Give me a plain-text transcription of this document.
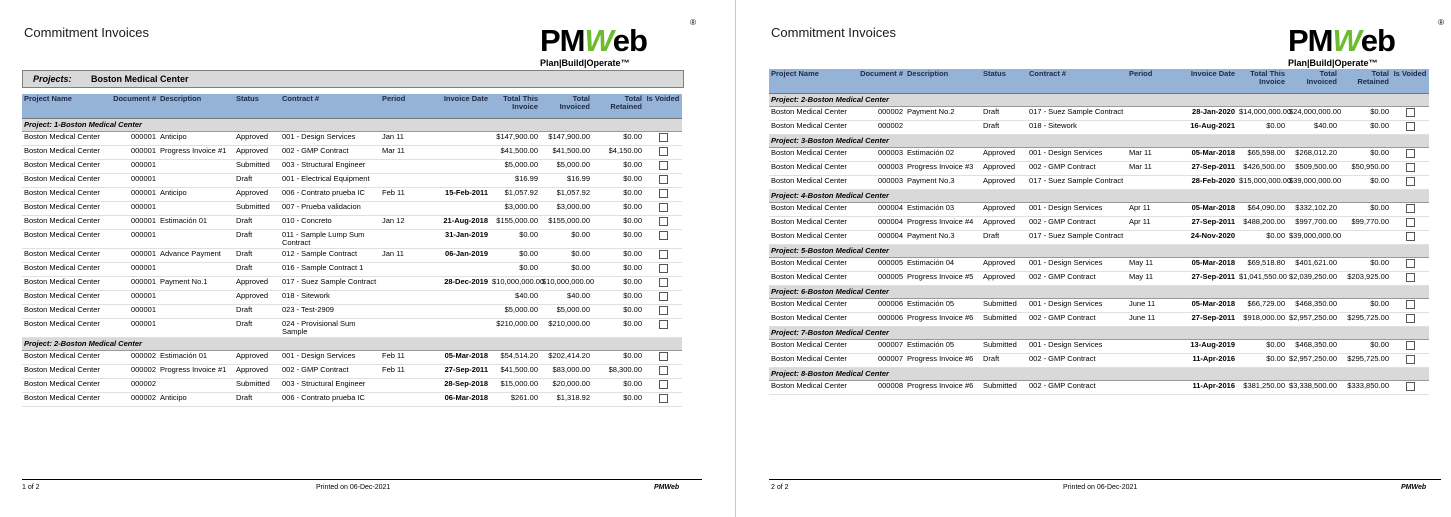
Commitment Invoices	PMWeb
Plan|Build|Operate™
®
Projects: Boston Medical Center
Project Name	Document #	Description	Status	Contract #	Period	Invoice Date	Total This Invoice	Total Invoiced	Total Retained	Is Voided
Project: 1-Boston Medical Center										
Boston Medical Center	000001	Anticipo	Approved	001 - Design Services	Jan 11		$147,900.00	$147,900.00	$0.00	
Boston Medical Center	000001	Progress Invoice #1	Approved	002 - GMP Contract	Mar 11		$41,500.00	$41,500.00	$4,150.00	
Boston Medical Center	000001		Submitted	003 - Structural Engineer			$5,000.00	$5,000.00	$0.00	
Boston Medical Center	000001		Draft	001 - Electrical Equipment			$16.99	$16.99	$0.00	
Boston Medical Center	000001	Anticipo	Approved	006 - Contrato prueba IC	Feb 11	15-Feb-2011	$1,057.92	$1,057.92	$0.00	
Boston Medical Center	000001		Submitted	007 - Prueba validacion			$3,000.00	$3,000.00	$0.00	
Boston Medical Center	000001	Estimación 01	Draft	010 - Concreto	Jan 12	21-Aug-2018	$155,000.00	$155,000.00	$0.00	
Boston Medical Center	000001		Draft	011 - Sample Lump Sum Contract		31-Jan-2019	$0.00	$0.00	$0.00	
Boston Medical Center	000001	Advance Payment	Draft	012 - Sample Contract	Jan 11	06-Jan-2019	$0.00	$0.00	$0.00	
Boston Medical Center	000001		Draft	016 - Sample Contract 1			$0.00	$0.00	$0.00	
Boston Medical Center	000001	Payment No.1	Approved	017 - Suez Sample Contract		28-Dec-2019	$10,000,000.00	$10,000,000.00	$0.00	
Boston Medical Center	000001		Approved	018 - Sitework			$40.00	$40.00	$0.00	
Boston Medical Center	000001		Draft	023 - Test-2909			$5,000.00	$5,000.00	$0.00	
Boston Medical Center	000001		Draft	024 - Provisional Sum Sample			$210,000.00	$210,000.00	$0.00	
Project: 2-Boston Medical Center										
Boston Medical Center	000002	Estimación 01	Approved	001 - Design Services	Feb 11	05-Mar-2018	$54,514.20	$202,414.20	$0.00	
Boston Medical Center	000002	Progress Invoice #1	Approved	002 - GMP Contract	Feb 11	27-Sep-2011	$41,500.00	$83,000.00	$8,300.00	
Boston Medical Center	000002		Submitted	003 - Structural Engineer		28-Sep-2018	$15,000.00	$20,000.00	$0.00	
Boston Medical Center	000002	Anticipo	Draft	006 - Contrato prueba IC		06-Mar-2018	$261.00	$1,318.92	$0.00	
1 of 2	Printed on 06-Dec-2021	PMWeb
Commitment Invoices	PMWeb
Plan|Build|Operate™
®
Project Name	Document #	Description	Status	Contract #	Period	Invoice Date	Total This Invoice	Total Invoiced	Total Retained	Is Voided
Project: 2-Boston Medical Center										
Boston Medical Center	000002	Payment No.2	Draft	017 - Suez Sample Contract		28-Jan-2020	$14,000,000.00	$24,000,000.00	$0.00	
Boston Medical Center	000002		Draft	018 - Sitework		16-Aug-2021	$0.00	$40.00	$0.00	
Project: 3-Boston Medical Center										
Boston Medical Center	000003	Estimación 02	Approved	001 - Design Services	Mar 11	05-Mar-2018	$65,598.00	$268,012.20	$0.00	
Boston Medical Center	000003	Progress Invoice #3	Approved	002 - GMP Contract	Mar 11	27-Sep-2011	$426,500.00	$509,500.00	$50,950.00	
Boston Medical Center	000003	Payment No.3	Approved	017 - Suez Sample Contract		28-Feb-2020	$15,000,000.00	$39,000,000.00	$0.00	
Project: 4-Boston Medical Center										
Boston Medical Center	000004	Estimación 03	Approved	001 - Design Services	Apr 11	05-Mar-2018	$64,090.00	$332,102.20	$0.00	
Boston Medical Center	000004	Progress Invoice #4	Approved	002 - GMP Contract	Apr 11	27-Sep-2011	$488,200.00	$997,700.00	$99,770.00	
Boston Medical Center	000004	Payment No.3	Draft	017 - Suez Sample Contract		24-Nov-2020	$0.00	$39,000,000.00		
Project: 5-Boston Medical Center										
Boston Medical Center	000005	Estimación 04	Approved	001 - Design Services	May 11	05-Mar-2018	$69,518.80	$401,621.00	$0.00	
Boston Medical Center	000005	Progress Invoice #5	Approved	002 - GMP Contract	May 11	27-Sep-2011	$1,041,550.00	$2,039,250.00	$203,925.00	
Project: 6-Boston Medical Center										
Boston Medical Center	000006	Estimación 05	Submitted	001 - Design Services	June 11	05-Mar-2018	$66,729.00	$468,350.00	$0.00	
Boston Medical Center	000006	Progress Invoice #6	Submitted	002 - GMP Contract	June 11	27-Sep-2011	$918,000.00	$2,957,250.00	$295,725.00	
Project: 7-Boston Medical Center										
Boston Medical Center	000007	Estimación 05	Submitted	001 - Design Services		13-Aug-2019	$0.00	$468,350.00	$0.00	
Boston Medical Center	000007	Progress Invoice #6	Draft	002 - GMP Contract		11-Apr-2016	$0.00	$2,957,250.00	$295,725.00	
Project: 8-Boston Medical Center										
Boston Medical Center	000008	Progress Invoice #6	Submitted	002 - GMP Contract		11-Apr-2016	$381,250.00	$3,338,500.00	$333,850.00	
2 of 2	Printed on 06-Dec-2021	PMWeb
